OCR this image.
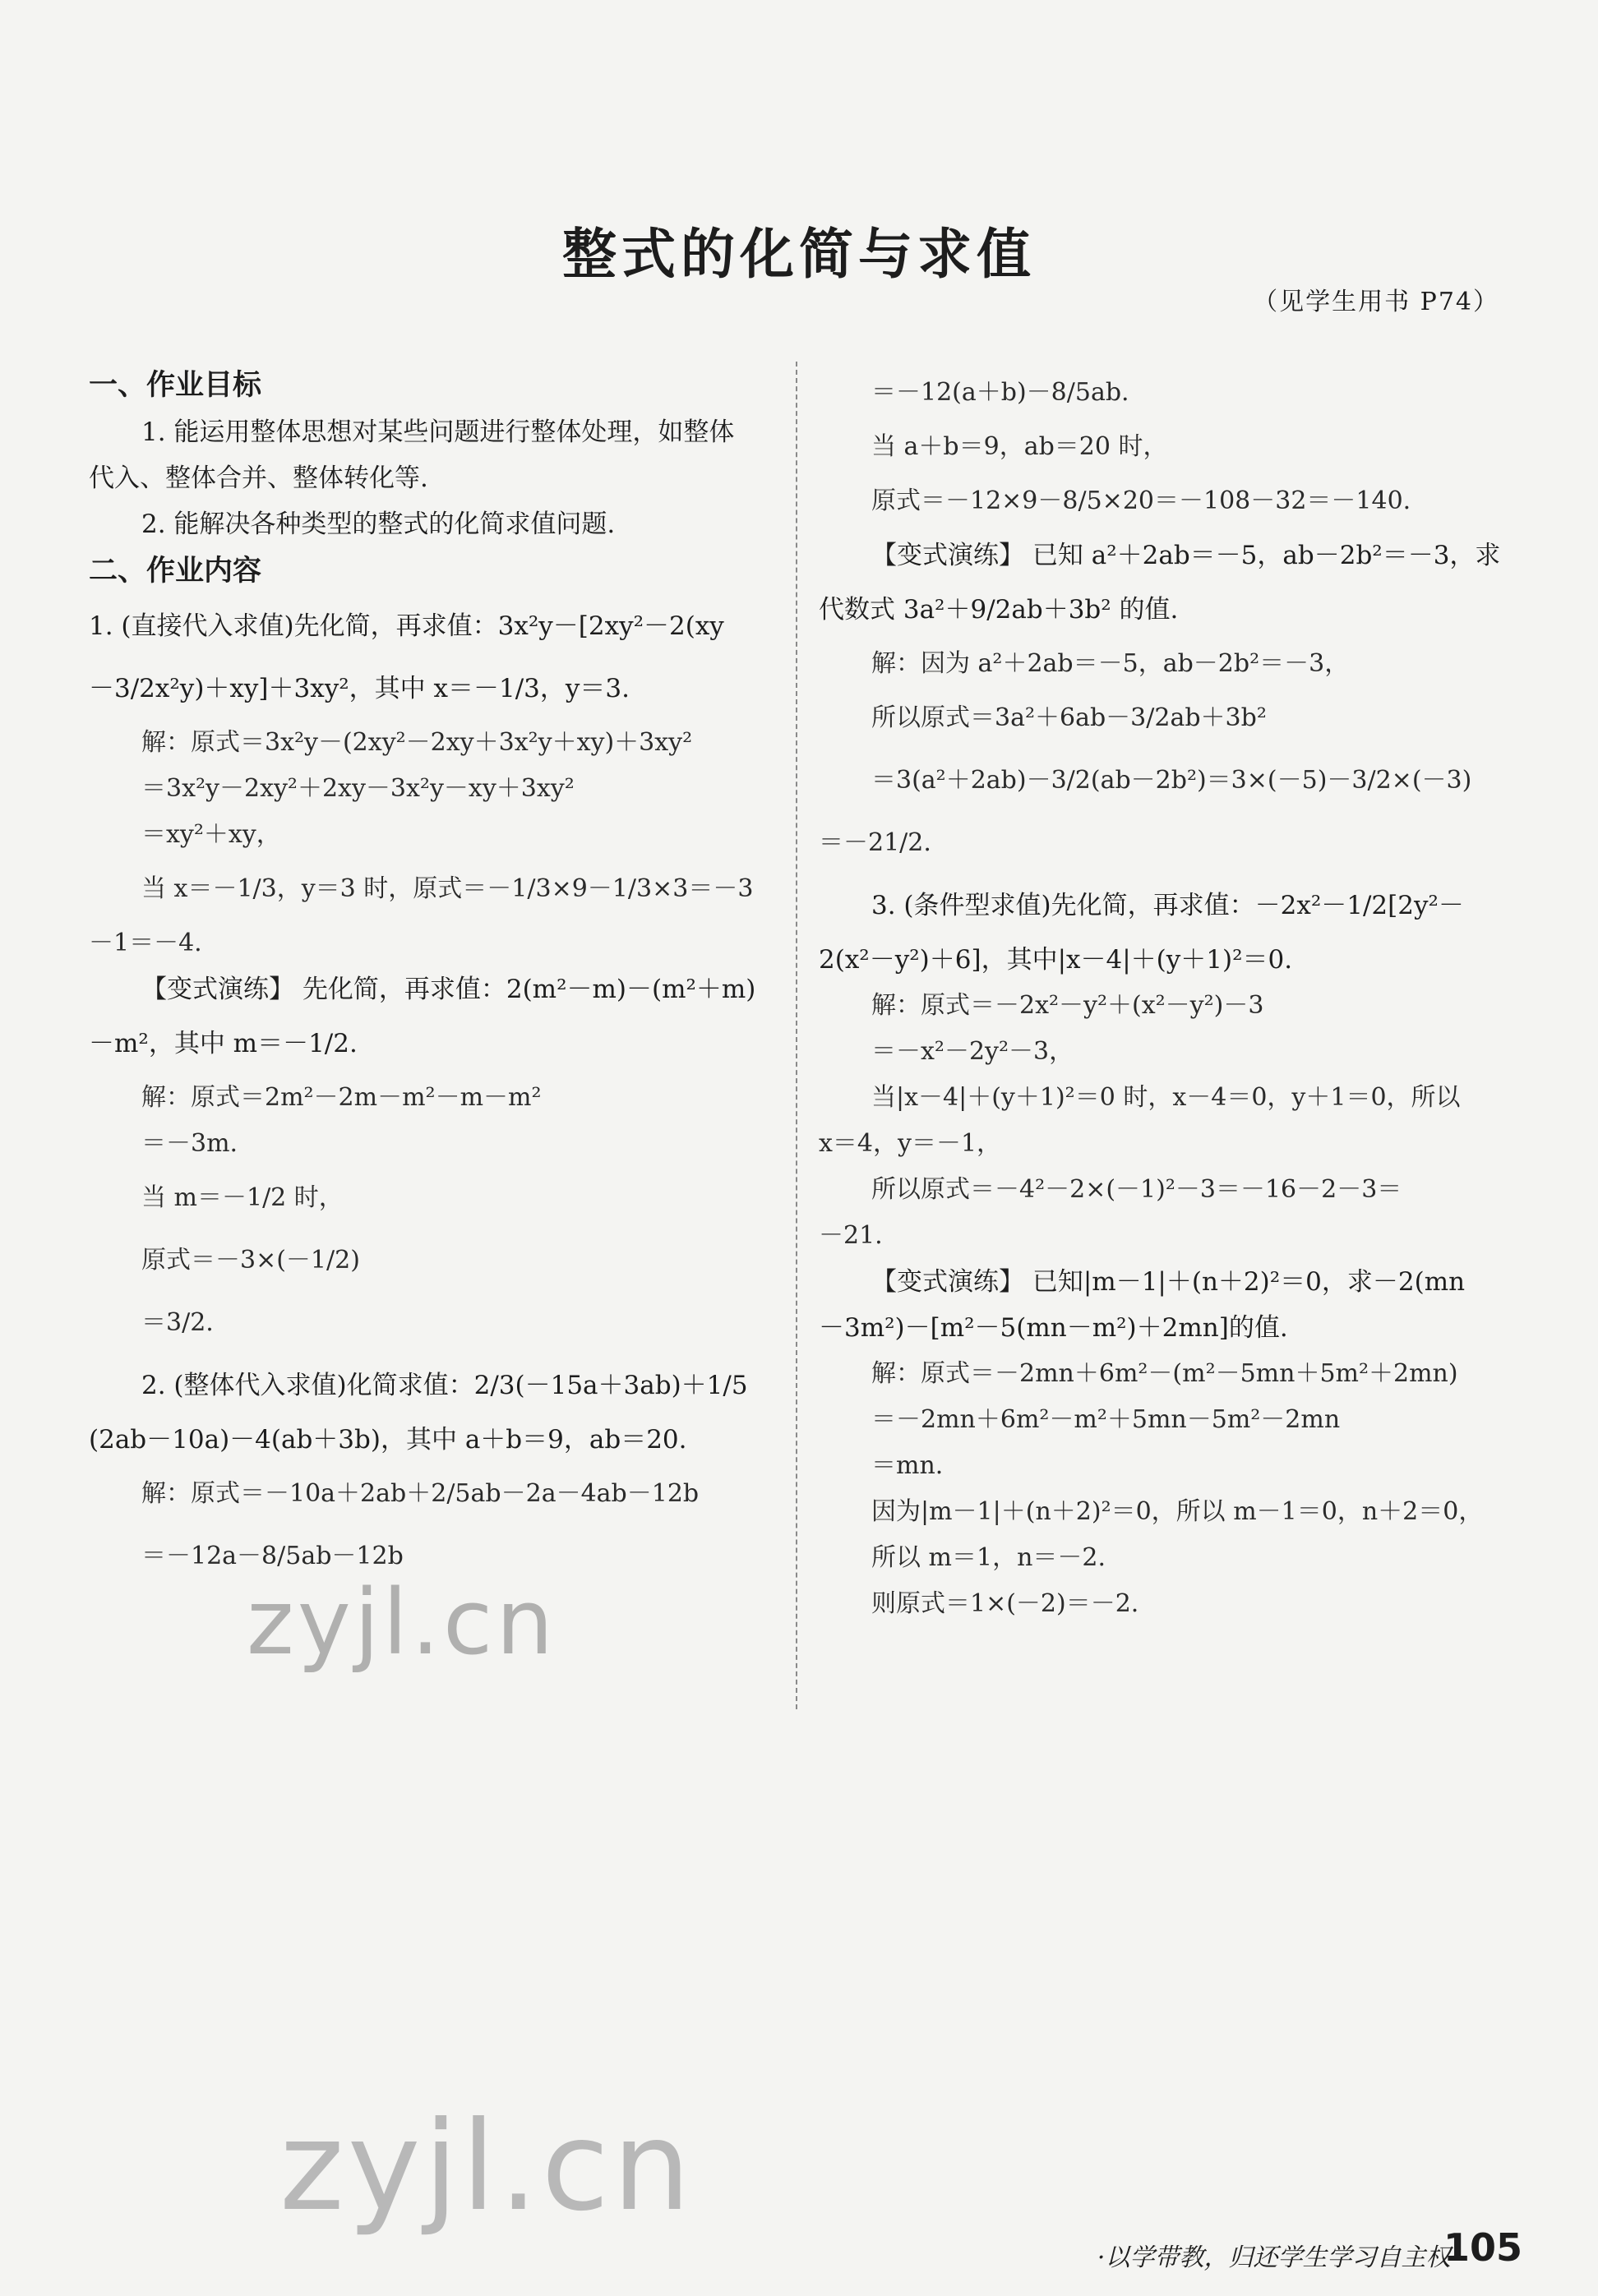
整式的化简与求值
（见学生用书 P74）
一、作业目标
1. 能运用整体思想对某些问题进行整体处理，如整体
代入、整体合并、整体转化等.
2. 能解决各种类型的整式的化简求值问题.
二、作业内容
1. (直接代入求值)先化简，再求值：3x²y－[2xy²－2(xy
－3/2x²y)＋xy]＋3xy²，其中 x＝－1/3，y＝3.
解：原式＝3x²y－(2xy²－2xy＋3x²y＋xy)＋3xy²
＝3x²y－2xy²＋2xy－3x²y－xy＋3xy²
＝xy²＋xy，
当 x＝－1/3，y＝3 时，原式＝－1/3×9－1/3×3＝－3
－1＝－4.
【变式演练】 先化简，再求值：2(m²－m)－(m²＋m)
－m²，其中 m＝－1/2.
解：原式＝2m²－2m－m²－m－m²
＝－3m.
当 m＝－1/2 时，
原式＝－3×(－1/2)
＝3/2.
2. (整体代入求值)化简求值：2/3(－15a＋3ab)＋1/5
(2ab－10a)－4(ab＋3b)，其中 a＋b＝9，ab＝20.
解：原式＝－10a＋2ab＋2/5ab－2a－4ab－12b
＝－12a－8/5ab－12b
＝－12(a＋b)－8/5ab.
当 a＋b＝9，ab＝20 时，
原式＝－12×9－8/5×20＝－108－32＝－140.
【变式演练】 已知 a²＋2ab＝－5，ab－2b²＝－3，求
代数式 3a²＋9/2ab＋3b² 的值.
解：因为 a²＋2ab＝－5，ab－2b²＝－3，
所以原式＝3a²＋6ab－3/2ab＋3b²
＝3(a²＋2ab)－3/2(ab－2b²)＝3×(－5)－3/2×(－3)
＝－21/2.
3. (条件型求值)先化简，再求值：－2x²－1/2[2y²－
2(x²－y²)＋6]，其中|x－4|＋(y＋1)²＝0.
解：原式＝－2x²－y²＋(x²－y²)－3
＝－x²－2y²－3，
当|x－4|＋(y＋1)²＝0 时，x－4＝0，y＋1＝0，所以
x＝4，y＝－1，
所以原式＝－4²－2×(－1)²－3＝－16－2－3＝
－21.
【变式演练】 已知|m－1|＋(n＋2)²＝0，求－2(mn
－3m²)－[m²－5(mn－m²)＋2mn]的值.
解：原式＝－2mn＋6m²－(m²－5mn＋5m²＋2mn)
＝－2mn＋6m²－m²＋5mn－5m²－2mn
＝mn.
因为|m－1|＋(n＋2)²＝0，所以 m－1＝0，n＋2＝0，
所以 m＝1，n＝－2.
则原式＝1×(－2)＝－2.
zyjl.cn
zyjl.cn
·以学带教，归还学生学习自主权·
105
